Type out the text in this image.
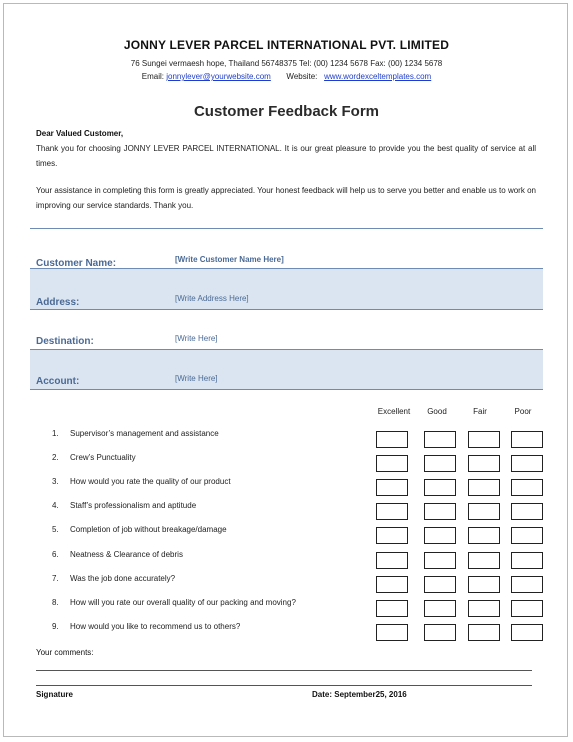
JONNY LEVER PARCEL INTERNATIONAL PVT. LIMITED
76 Sungei vermaesh hope, Thailand 56748375 Tel: (00) 1234 5678 Fax: (00) 1234 5678
Email: jonnylever@yourwebsite.com Website: www.wordexceltemplates.com
Customer Feedback Form
Dear Valued Customer,
Thank you for choosing JONNY LEVER PARCEL INTERNATIONAL. It is our great pleasure to provide you the best quality of service at all times.
Your assistance in completing this form is greatly appreciated. Your honest feedback will help us to serve you better and enable us to work on improving our service standards. Thank you.
Customer Name:	[Write Customer Name Here]
Address:	[Write Address Here]
Destination:	[Write Here]
Account:	[Write Here]
Excellent	Good	Fair	Poor
1. Supervisor’s management and assistance
2. Crew’s Punctuality
3. How would you rate the quality of our product
4. Staff’s professionalism and aptitude
5. Completion of job without breakage/damage
6. Neatness & Clearance of debris
7. Was the job done accurately?
8. How will you rate our overall quality of our packing and moving?
9. How would you like to recommend us to others?
Your comments:
Signature	Date: September25, 2016
